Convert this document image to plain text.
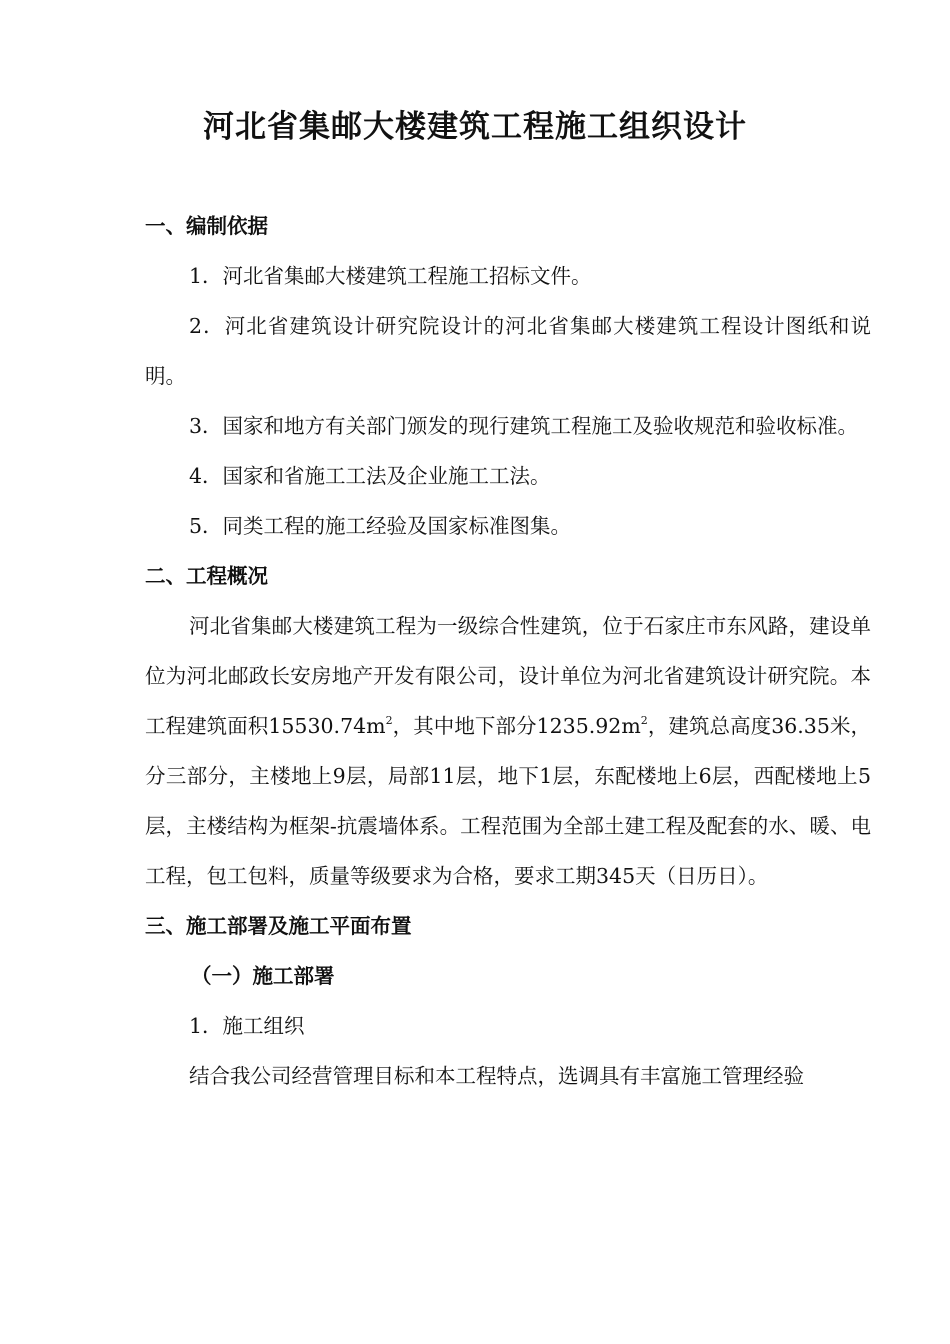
河北省集邮大楼建筑工程施工组织设计
一、编制依据

1．河北省集邮大楼建筑工程施工招标文件。

2．河北省建筑设计研究院设计的河北省集邮大楼建筑工程设计图纸和说明。

3．国家和地方有关部门颁发的现行建筑工程施工及验收规范和验收标准。

4．国家和省施工工法及企业施工工法。

5．同类工程的施工经验及国家标准图集。

二、工程概况

河北省集邮大楼建筑工程为一级综合性建筑，位于石家庄市东风路，建设单位为河北邮政长安房地产开发有限公司，设计单位为河北省建筑设计研究院。本工程建筑面积$15530.74m^2$，其中地下部分$1235.92m^2$，建筑总高度36.35米，分三部分，主楼地上9层，局部11层，地下1层，东配楼地上6层，西配楼地上5层，主楼结构为框架-抗震墙体系。工程范围为全部土建工程及配套的水、暖、电工程，包工包料，质量等级要求为合格，要求工期345天（日历日）。

三、施工部署及施工平面布置
（一）施工部署

1．施工组织

结合我公司经营管理目标和本工程特点，选调具有丰富施工管理经验
